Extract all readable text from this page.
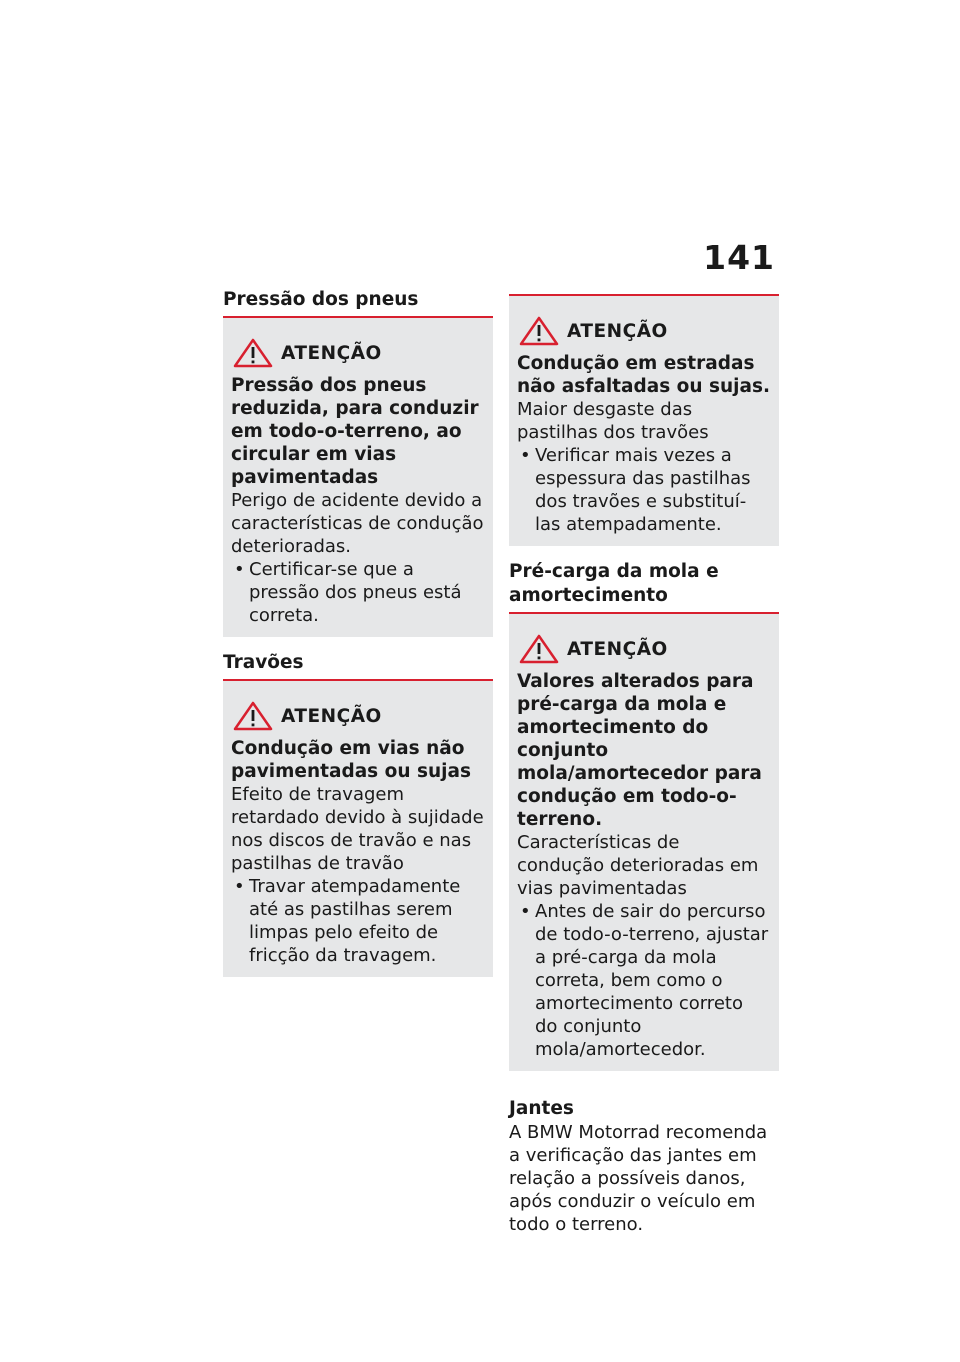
141
Pressão dos pneus
ATENÇÃO

Pressão dos pneus reduzida, para conduzir em todo-o-terreno, ao circular em vias pavimentadas

Perigo de acidente devido a características de condução deterioradas.

• Certificar-se que a pressão dos pneus está correta.
Travões
ATENÇÃO

Condução em vias não pavimentadas ou sujas

Efeito de travagem retardado devido à sujidade nos discos de travão e nas pastilhas de travão

• Travar atempadamente até as pastilhas serem limpas pelo efeito de fricção da travagem.
ATENÇÃO

Condução em estradas não asfaltadas ou sujas.

Maior desgaste das pastilhas dos travões

• Verificar mais vezes a espessura das pastilhas dos travões e substituí-las atempadamente.
Pré-carga da mola e amortecimento
ATENÇÃO

Valores alterados para pré-carga da mola e amortecimento do conjunto mola/amortecedor para condução em todo-o-terreno.

Características de condução deterioradas em vias pavimentadas

• Antes de sair do percurso de todo-o-terreno, ajustar a pré-carga da mola correta, bem como o amortecimento correto do conjunto mola/amortecedor.
Jantes

A BMW Motorrad recomenda a verificação das jantes em relação a possíveis danos, após conduzir o veículo em todo o terreno.
